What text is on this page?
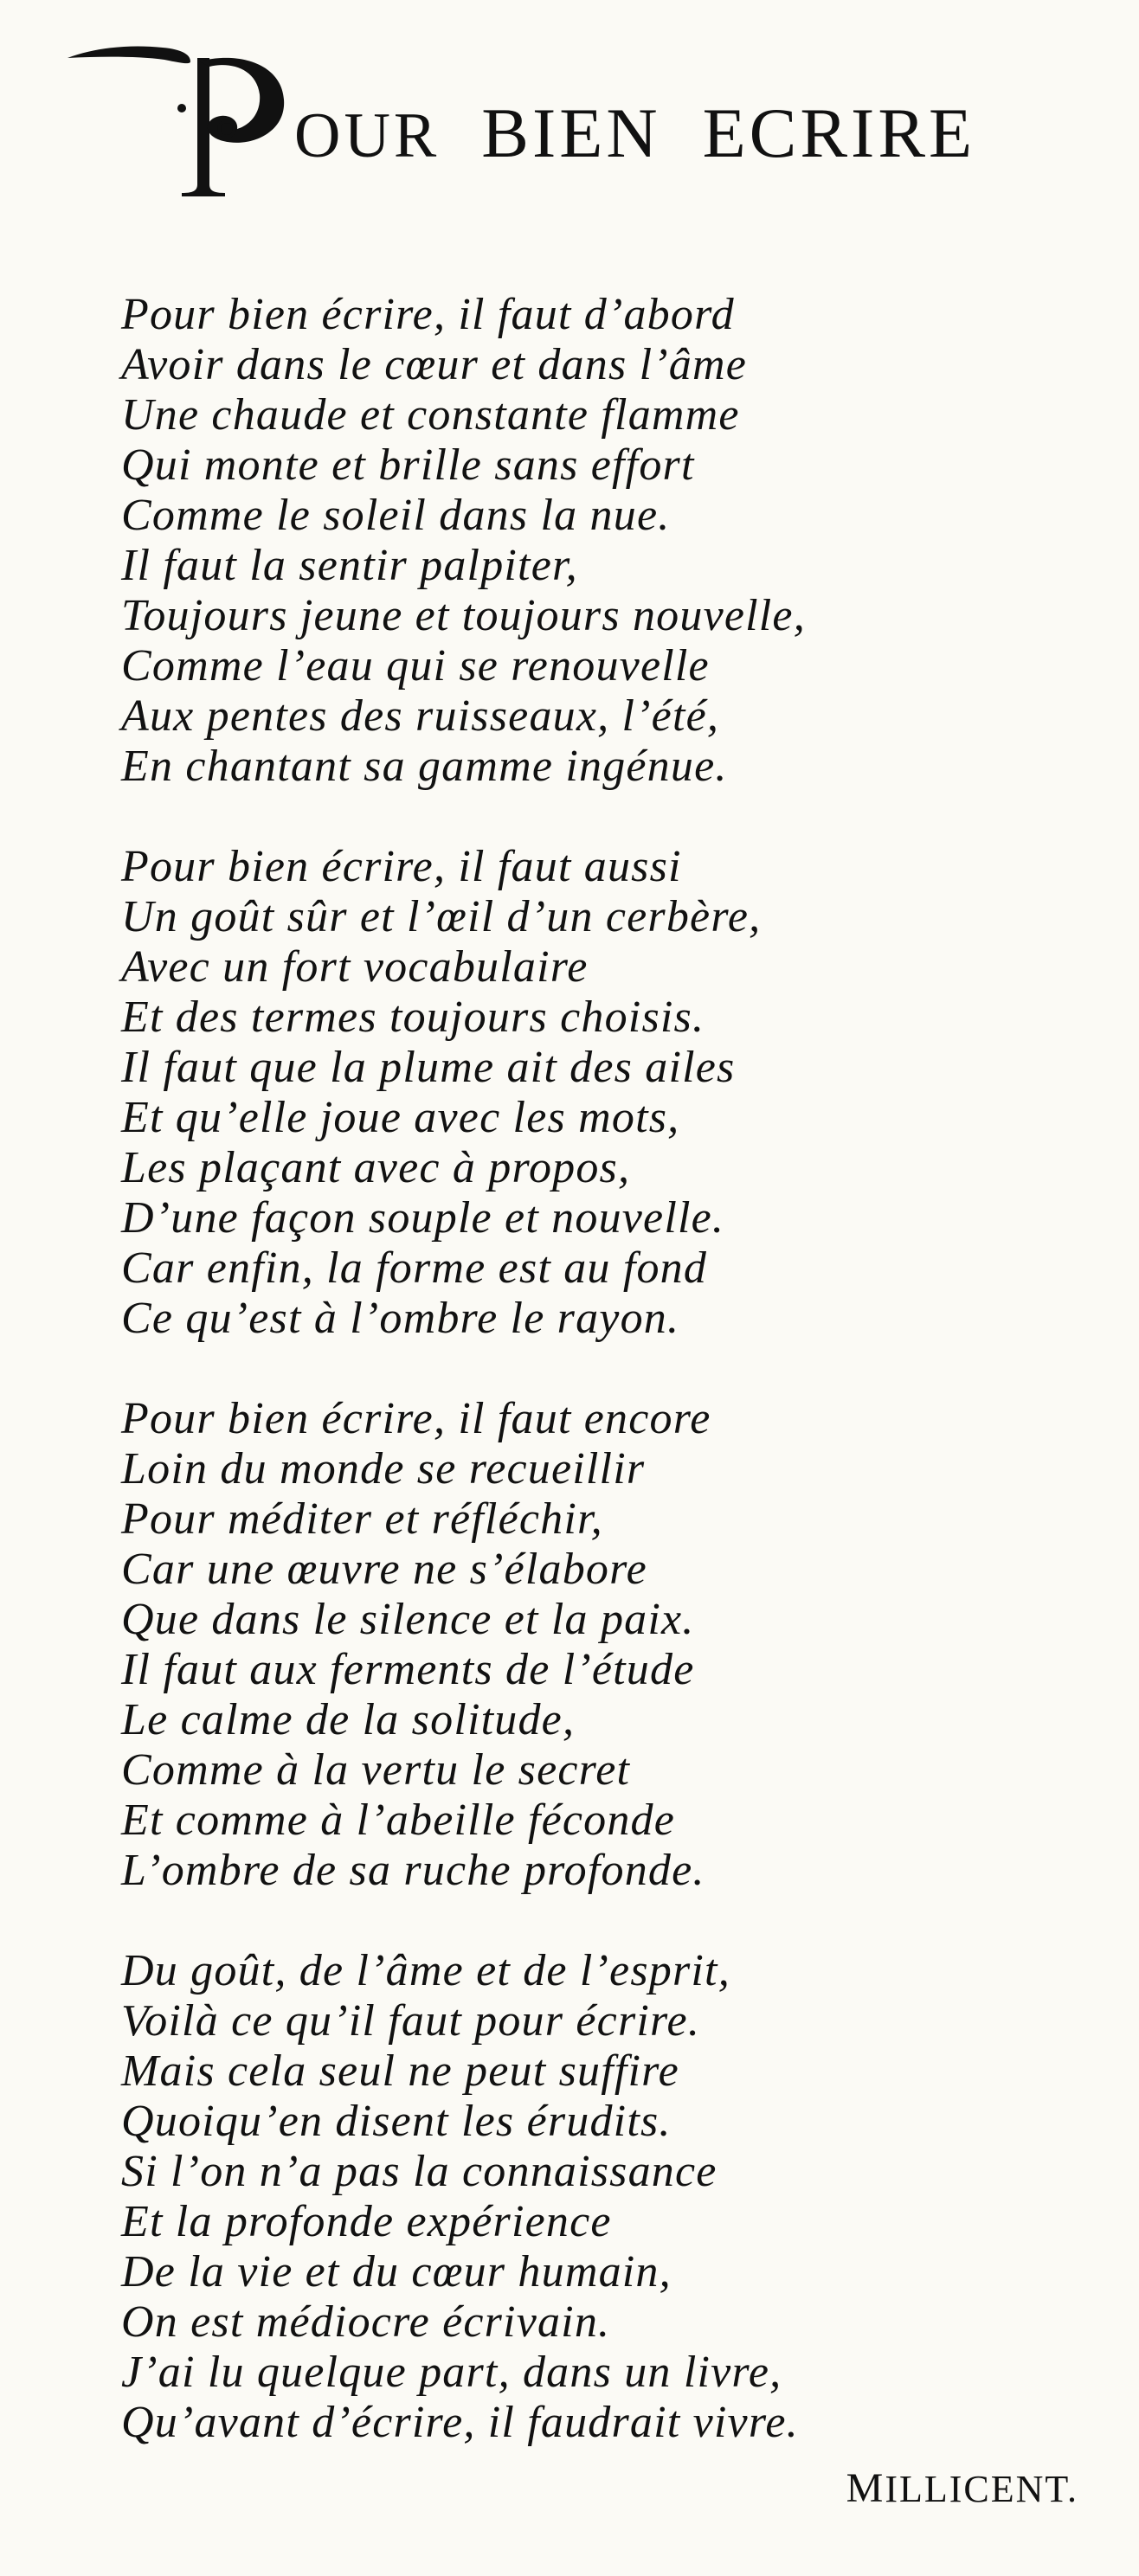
OUR BIEN ECRIRE
Pour bien écrire, il faut d’abord
Avoir dans le cœur et dans l’âme
Une chaude et constante flamme
Qui monte et brille sans effort
Comme le soleil dans la nue.
Il faut la sentir palpiter,
Toujours jeune et toujours nouvelle,
Comme l’eau qui se renouvelle
Aux pentes des ruisseaux, l’été,
En chantant sa gamme ingénue.
Pour bien écrire, il faut aussi
Un goût sûr et l’œil d’un cerbère,
Avec un fort vocabulaire
Et des termes toujours choisis.
Il faut que la plume ait des ailes
Et qu’elle joue avec les mots,
Les plaçant avec à propos,
D’une façon souple et nouvelle.
Car enfin, la forme est au fond
Ce qu’est à l’ombre le rayon.
Pour bien écrire, il faut encore
Loin du monde se recueillir
Pour méditer et réfléchir,
Car une œuvre ne s’élabore
Que dans le silence et la paix.
Il faut aux ferments de l’étude
Le calme de la solitude,
Comme à la vertu le secret
Et comme à l’abeille féconde
L’ombre de sa ruche profonde.
Du goût, de l’âme et de l’esprit,
Voilà ce qu’il faut pour écrire.
Mais cela seul ne peut suffire
Quoiqu’en disent les érudits.
Si l’on n’a pas la connaissance
Et la profonde expérience
De la vie et du cœur humain,
On est médiocre écrivain.
J’ai lu quelque part, dans un livre,
Qu’avant d’écrire, il faudrait vivre.
MILLICENT.
